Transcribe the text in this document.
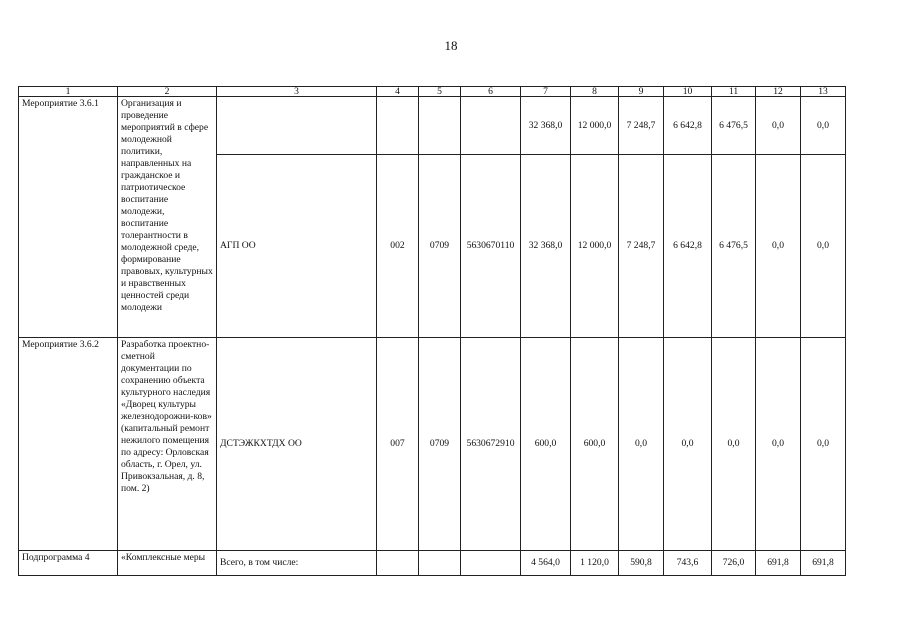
18
1	2	3	4	5	6	7	8	9	10	11	12	13
Мероприятие 3.6.1	Организация и проведение мероприятий в сфере молодежной политики, направленных на гражданское и патриотическое воспитание молодежи, воспитание толерантности в молодежной среде, формирование правовых, культурных и нравственных ценностей среди молодежи					32 368,0	12 000,0	7 248,7	6 642,8	6 476,5	0,0	0,0
		АГП ОО	002	0709	5630670110	32 368,0	12 000,0	7 248,7	6 642,8	6 476,5	0,0	0,0
Мероприятие 3.6.2	Разработка проектно-сметной документации по сохранению объекта культурного наследия «Дворец культуры железнодорожни-ков» (капитальный ремонт нежилого помещения по адресу: Орловская область, г. Орел, ул. Привокзальная, д. 8, пом. 2)	ДСТЭЖКХТДХ ОО	007	0709	5630672910	600,0	600,0	0,0	0,0	0,0	0,0	0,0
Подпрограмма 4	«Комплексные меры	Всего, в том числе:				4 564,0	1 120,0	590,8	743,6	726,0	691,8	691,8
